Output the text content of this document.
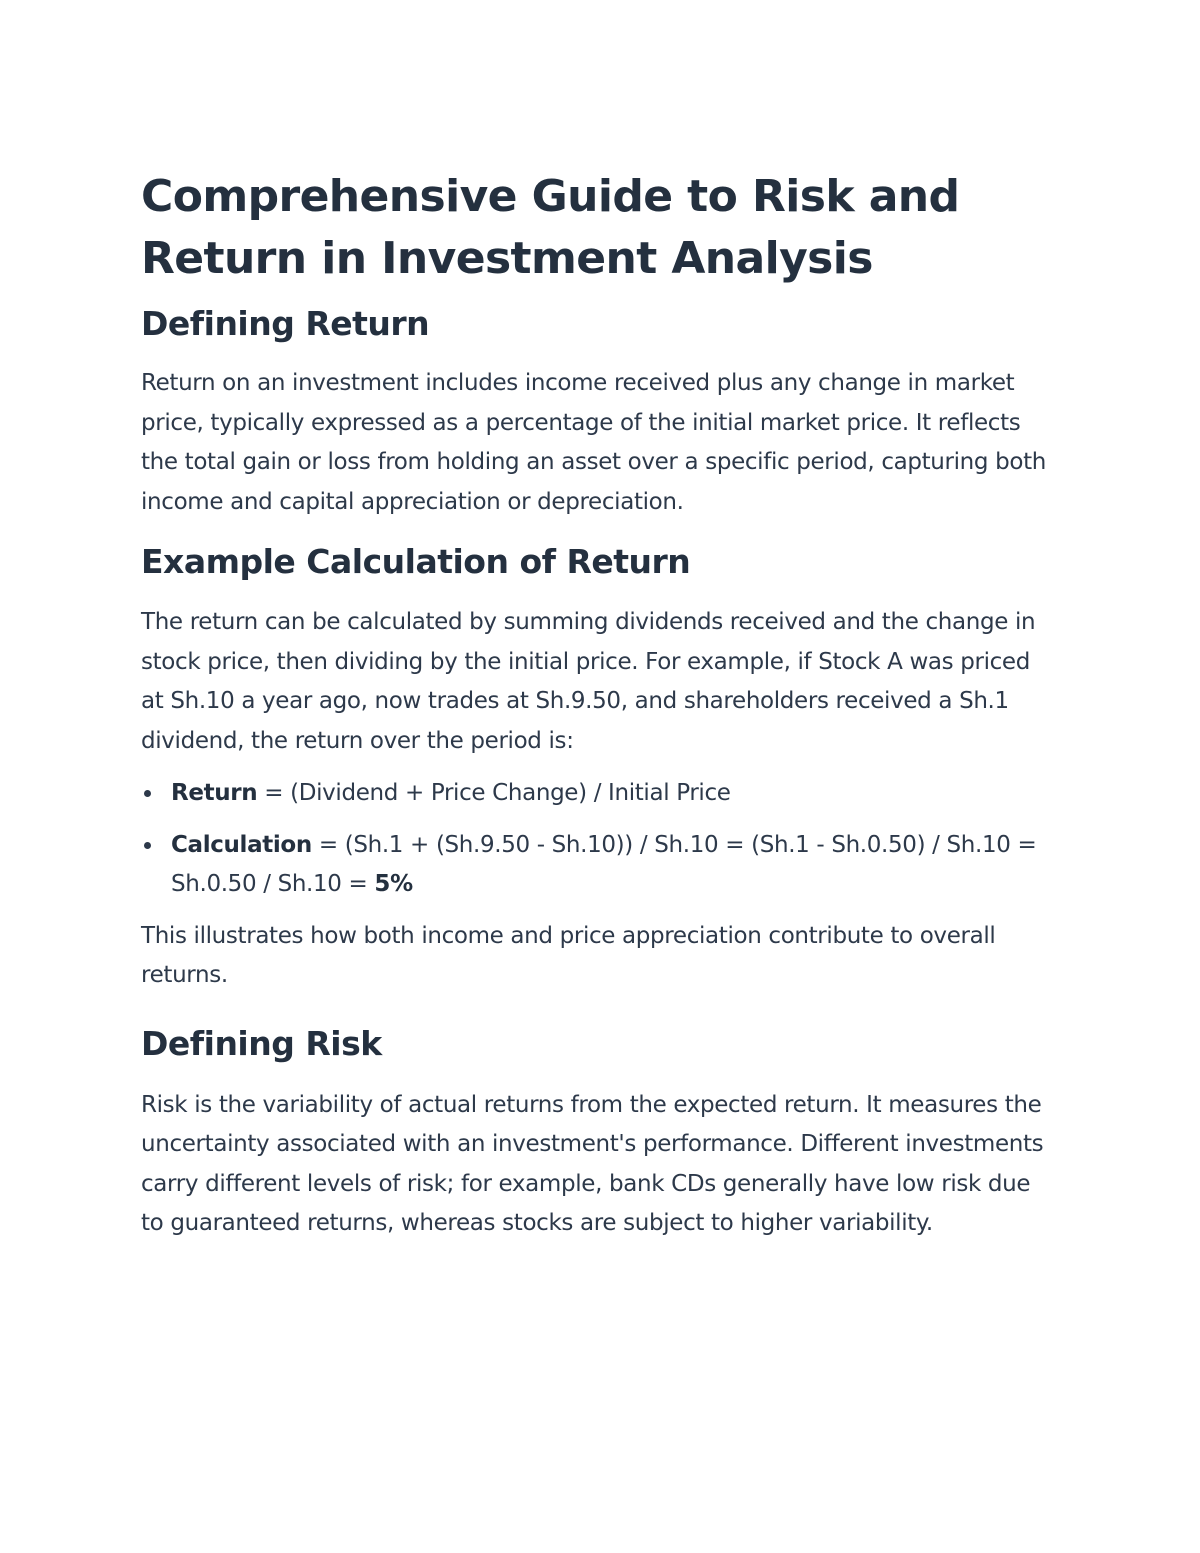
Comprehensive Guide to Risk and Return in Investment Analysis
Defining Return

Return on an investment includes income received plus any change in market price, typically expressed as a percentage of the initial market price. It reflects the total gain or loss from holding an asset over a specific period, capturing both income and capital appreciation or depreciation.

Example Calculation of Return

The return can be calculated by summing dividends received and the change in stock price, then dividing by the initial price. For example, if Stock A was priced at Sh.10 a year ago, now trades at Sh.9.50, and shareholders received a Sh.1 dividend, the return over the period is:

Return = (Dividend + Price Change) / Initial Price
Calculation = (Sh.1 + (Sh.9.50 - Sh.10)) / Sh.10 = (Sh.1 - Sh.0.50) / Sh.10 = Sh.0.50 / Sh.10 = 5%

This illustrates how both income and price appreciation contribute to overall returns.

Defining Risk

Risk is the variability of actual returns from the expected return. It measures the uncertainty associated with an investment's performance. Different investments carry different levels of risk; for example, bank CDs generally have low risk due to guaranteed returns, whereas stocks are subject to higher variability.
